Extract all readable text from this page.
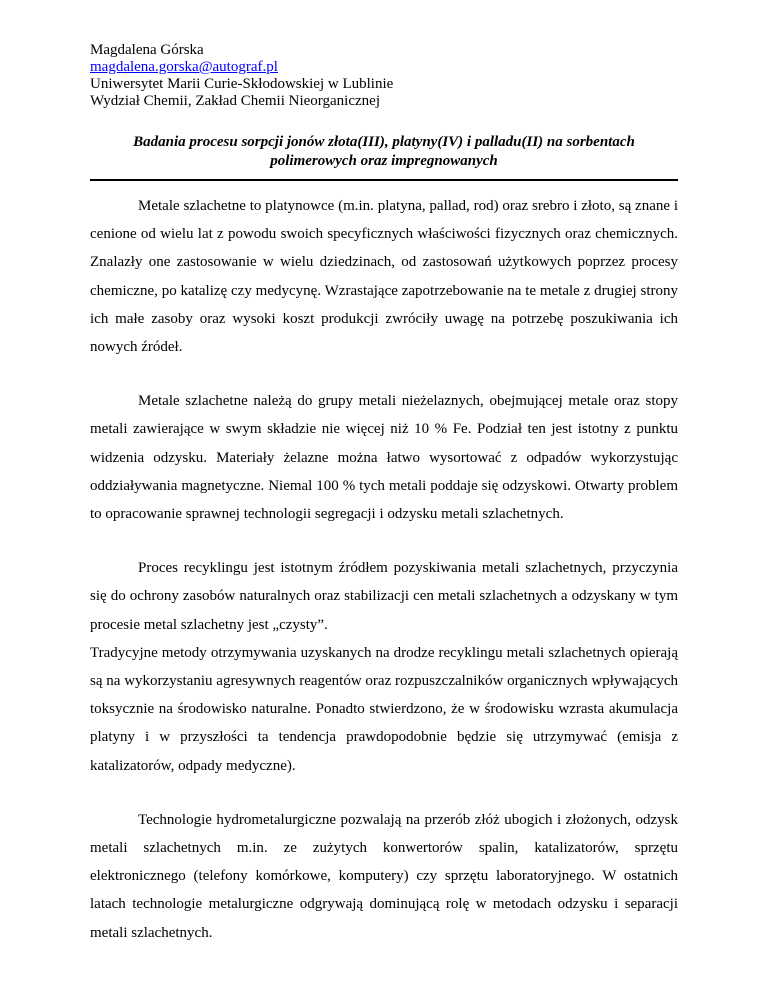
Magdalena Górska

magdalena.gorska@autograf.pl

Uniwersytet Marii Curie-Skłodowskiej w Lublinie

Wydział Chemii, Zakład Chemii Nieorganicznej

Badania procesu sorpcji jonów złota(III), platyny(IV) i palladu(II) na sorbentach polimerowych oraz impregnowanych

Metale szlachetne to platynowce (m.in. platyna, pallad, rod) oraz srebro i złoto, są znane i cenione od wielu lat z powodu swoich specyficznych właściwości fizycznych oraz chemicznych. Znalazły one zastosowanie w wielu dziedzinach, od zastosowań użytkowych poprzez procesy chemiczne, po katalizę czy medycynę. Wzrastające zapotrzebowanie na te metale z drugiej strony ich małe zasoby oraz wysoki koszt produkcji zwróciły uwagę na potrzebę poszukiwania ich nowych źródeł.

Metale szlachetne należą do grupy metali nieżelaznych, obejmującej metale oraz stopy metali zawierające w swym składzie nie więcej niż 10 % Fe. Podział ten jest istotny z punktu widzenia odzysku. Materiały żelazne można łatwo wysortować z odpadów wykorzystując oddziaływania magnetyczne. Niemal 100 % tych metali poddaje się odzyskowi. Otwarty problem to opracowanie sprawnej technologii segregacji i odzysku metali szlachetnych.

Proces recyklingu jest istotnym źródłem pozyskiwania metali szlachetnych, przyczynia się do ochrony zasobów naturalnych oraz stabilizacji cen metali szlachetnych a odzyskany w tym procesie metal szlachetny jest „czysty”.

Tradycyjne metody otrzymywania uzyskanych na drodze recyklingu metali szlachetnych opierają są na wykorzystaniu agresywnych reagentów oraz rozpuszczalników organicznych wpływających toksycznie na środowisko naturalne. Ponadto stwierdzono, że w środowisku wzrasta akumulacja platyny i w przyszłości ta tendencja prawdopodobnie będzie się utrzymywać (emisja z katalizatorów, odpady medyczne).

Technologie hydrometalurgiczne pozwalają na przerób złóż ubogich i złożonych, odzysk metali szlachetnych m.in. ze zużytych konwertorów spalin, katalizatorów, sprzętu elektronicznego (telefony komórkowe, komputery) czy sprzętu laboratoryjnego. W ostatnich latach technologie metalurgiczne odgrywają dominującą rolę w metodach odzysku i separacji metali szlachetnych.
